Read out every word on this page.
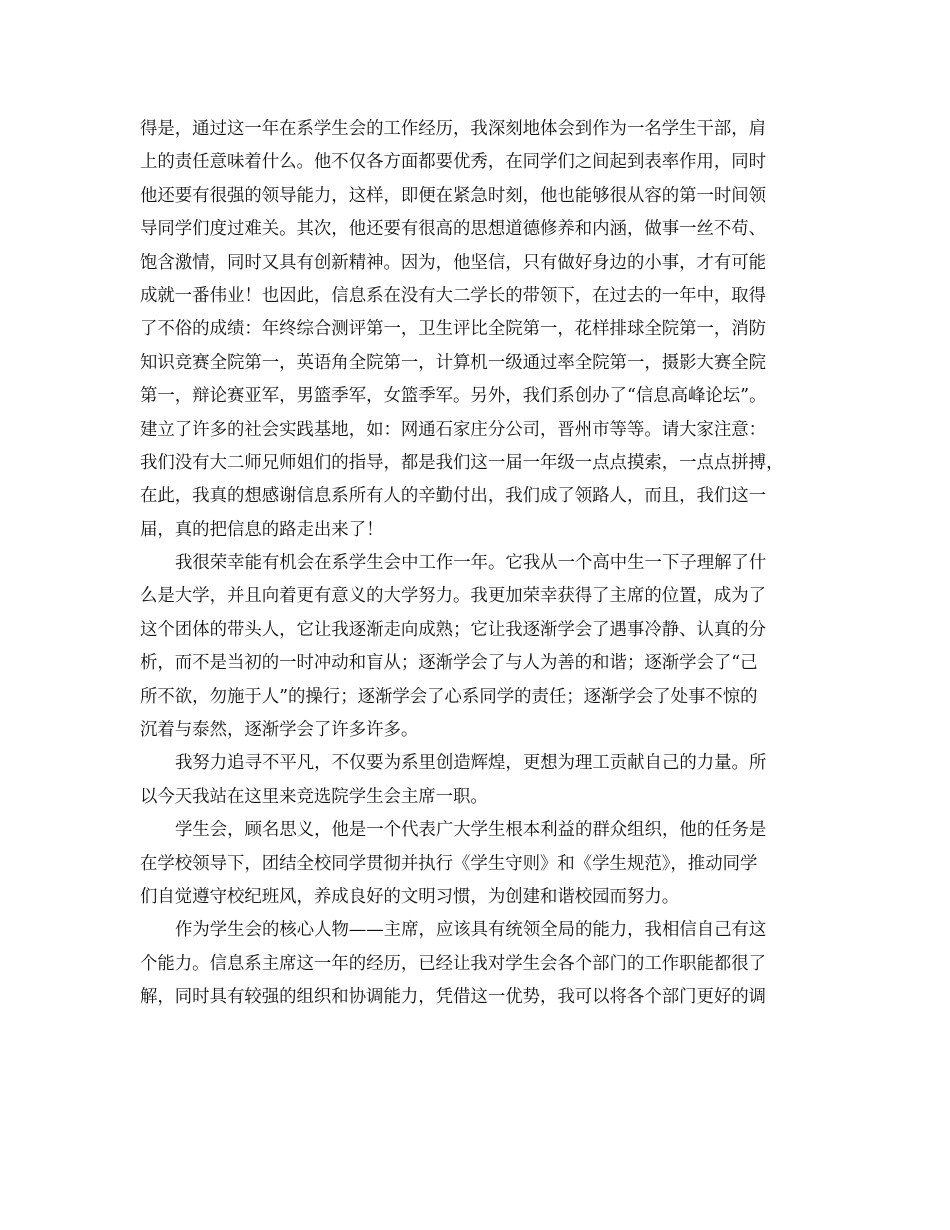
得是，通过这一年在系学生会的工作经历，我深刻地体会到作为一名学生干部，肩
上的责任意味着什么。他不仅各方面都要优秀，在同学们之间起到表率作用，同时
他还要有很强的领导能力，这样，即便在紧急时刻，他也能够很从容的第一时间领
导同学们度过难关。其次，他还要有很高的思想道德修养和内涵，做事一丝不苟、
饱含激情，同时又具有创新精神。因为，他坚信，只有做好身边的小事，才有可能
成就一番伟业！也因此，信息系在没有大二学长的带领下，在过去的一年中，取得
了不俗的成绩：年终综合测评第一，卫生评比全院第一，花样排球全院第一，消防
知识竞赛全院第一，英语角全院第一，计算机一级通过率全院第一，摄影大赛全院
第一，辩论赛亚军，男篮季军，女篮季军。另外，我们系创办了“信息高峰论坛”。
建立了许多的社会实践基地，如：网通石家庄分公司，晋州市等等。请大家注意：
我们没有大二师兄师姐们的指导，都是我们这一届一年级一点点摸索，一点点拼搏，
在此，我真的想感谢信息系所有人的辛勤付出，我们成了领路人，而且，我们这一
届，真的把信息的路走出来了！
我很荣幸能有机会在系学生会中工作一年。它我从一个高中生一下子理解了什
么是大学，并且向着更有意义的大学努力。我更加荣幸获得了主席的位置，成为了
这个团体的带头人，它让我逐渐走向成熟；它让我逐渐学会了遇事冷静、认真的分
析，而不是当初的一时冲动和盲从；逐渐学会了与人为善的和谐；逐渐学会了“己
所不欲，勿施于人”的操行；逐渐学会了心系同学的责任；逐渐学会了处事不惊的
沉着与泰然，逐渐学会了许多许多。
我努力追寻不平凡，不仅要为系里创造辉煌，更想为理工贡献自己的力量。所
以今天我站在这里来竞选院学生会主席一职。
学生会，顾名思义，他是一个代表广大学生根本利益的群众组织，他的任务是
在学校领导下，团结全校同学贯彻并执行《学生守则》和《学生规范》，推动同学
们自觉遵守校纪班风，养成良好的文明习惯，为创建和谐校园而努力。
作为学生会的核心人物——主席，应该具有统领全局的能力，我相信自己有这
个能力。信息系主席这一年的经历，已经让我对学生会各个部门的工作职能都很了
解，同时具有较强的组织和协调能力，凭借这一优势，我可以将各个部门更好的调
